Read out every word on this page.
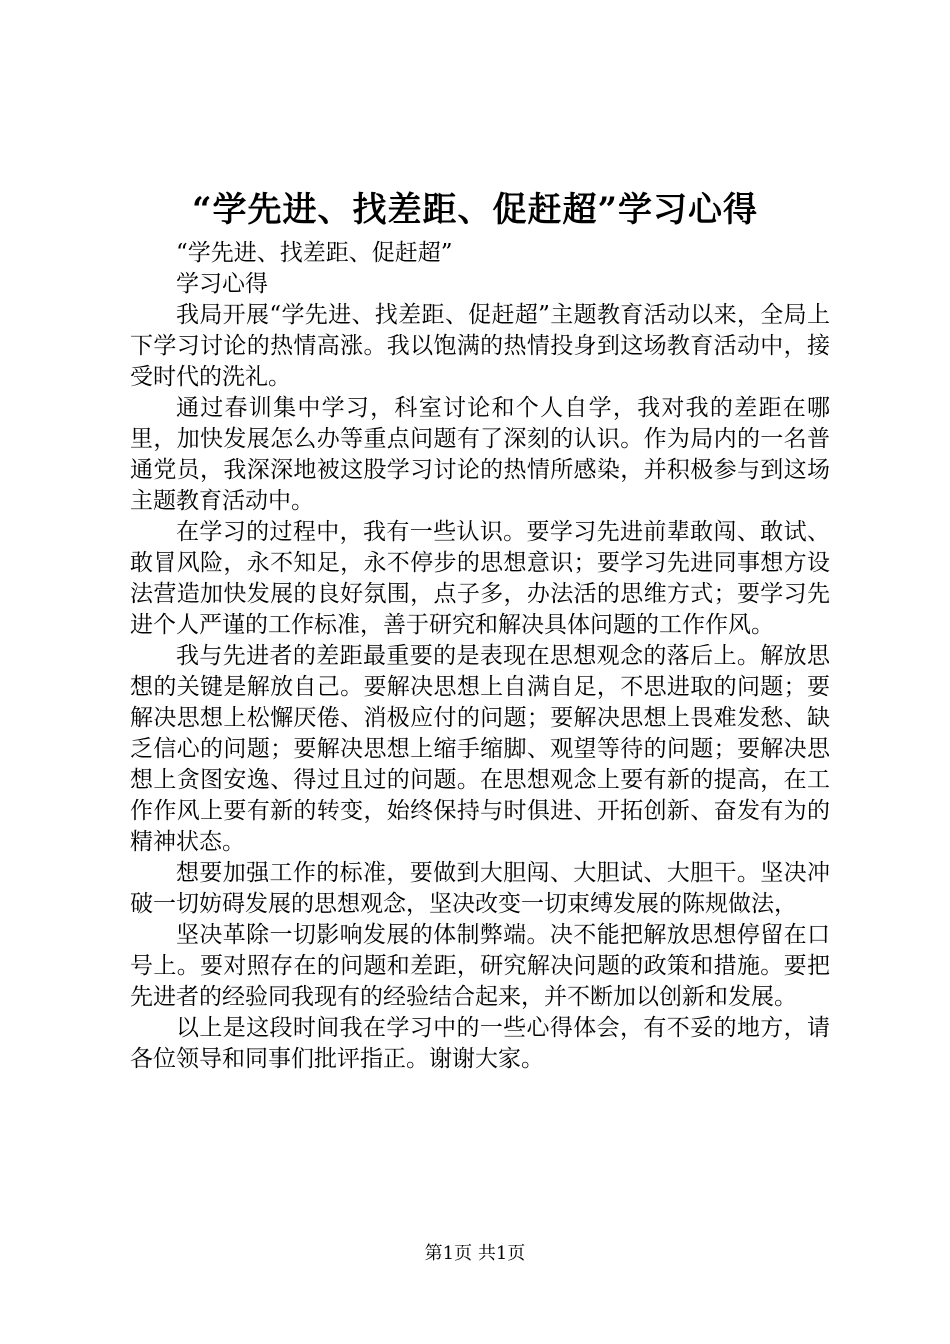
“学先进、找差距、促赶超”学习心得

“学先进、找差距、促赶超”

学习心得

我局开展“学先进、找差距、促赶超”主题教育活动以来，全局上下学习讨论的热情高涨。我以饱满的热情投身到这场教育活动中，接受时代的洗礼。

通过春训集中学习，科室讨论和个人自学，我对我的差距在哪里，加快发展怎么办等重点问题有了深刻的认识。作为局内的一名普通党员，我深深地被这股学习讨论的热情所感染，并积极参与到这场主题教育活动中。

在学习的过程中，我有一些认识。要学习先进前辈敢闯、敢试、敢冒风险，永不知足，永不停步的思想意识；要学习先进同事想方设法营造加快发展的良好氛围，点子多，办法活的思维方式；要学习先进个人严谨的工作标准，善于研究和解决具体问题的工作作风。

我与先进者的差距最重要的是表现在思想观念的落后上。解放思想的关键是解放自己。要解决思想上自满自足，不思进取的问题；要解决思想上松懈厌倦、消极应付的问题；要解决思想上畏难发愁、缺乏信心的问题；要解决思想上缩手缩脚、观望等待的问题；要解决思想上贪图安逸、得过且过的问题。在思想观念上要有新的提高，在工作作风上要有新的转变，始终保持与时俱进、开拓创新、奋发有为的精神状态。

想要加强工作的标准，要做到大胆闯、大胆试、大胆干。坚决冲破一切妨碍发展的思想观念，坚决改变一切束缚发展的陈规做法，

坚决革除一切影响发展的体制弊端。决不能把解放思想停留在口号上。要对照存在的问题和差距，研究解决问题的政策和措施。要把先进者的经验同我现有的经验结合起来，并不断加以创新和发展。

以上是这段时间我在学习中的一些心得体会，有不妥的地方，请各位领导和同事们批评指正。谢谢大家。

第1页 共1页
